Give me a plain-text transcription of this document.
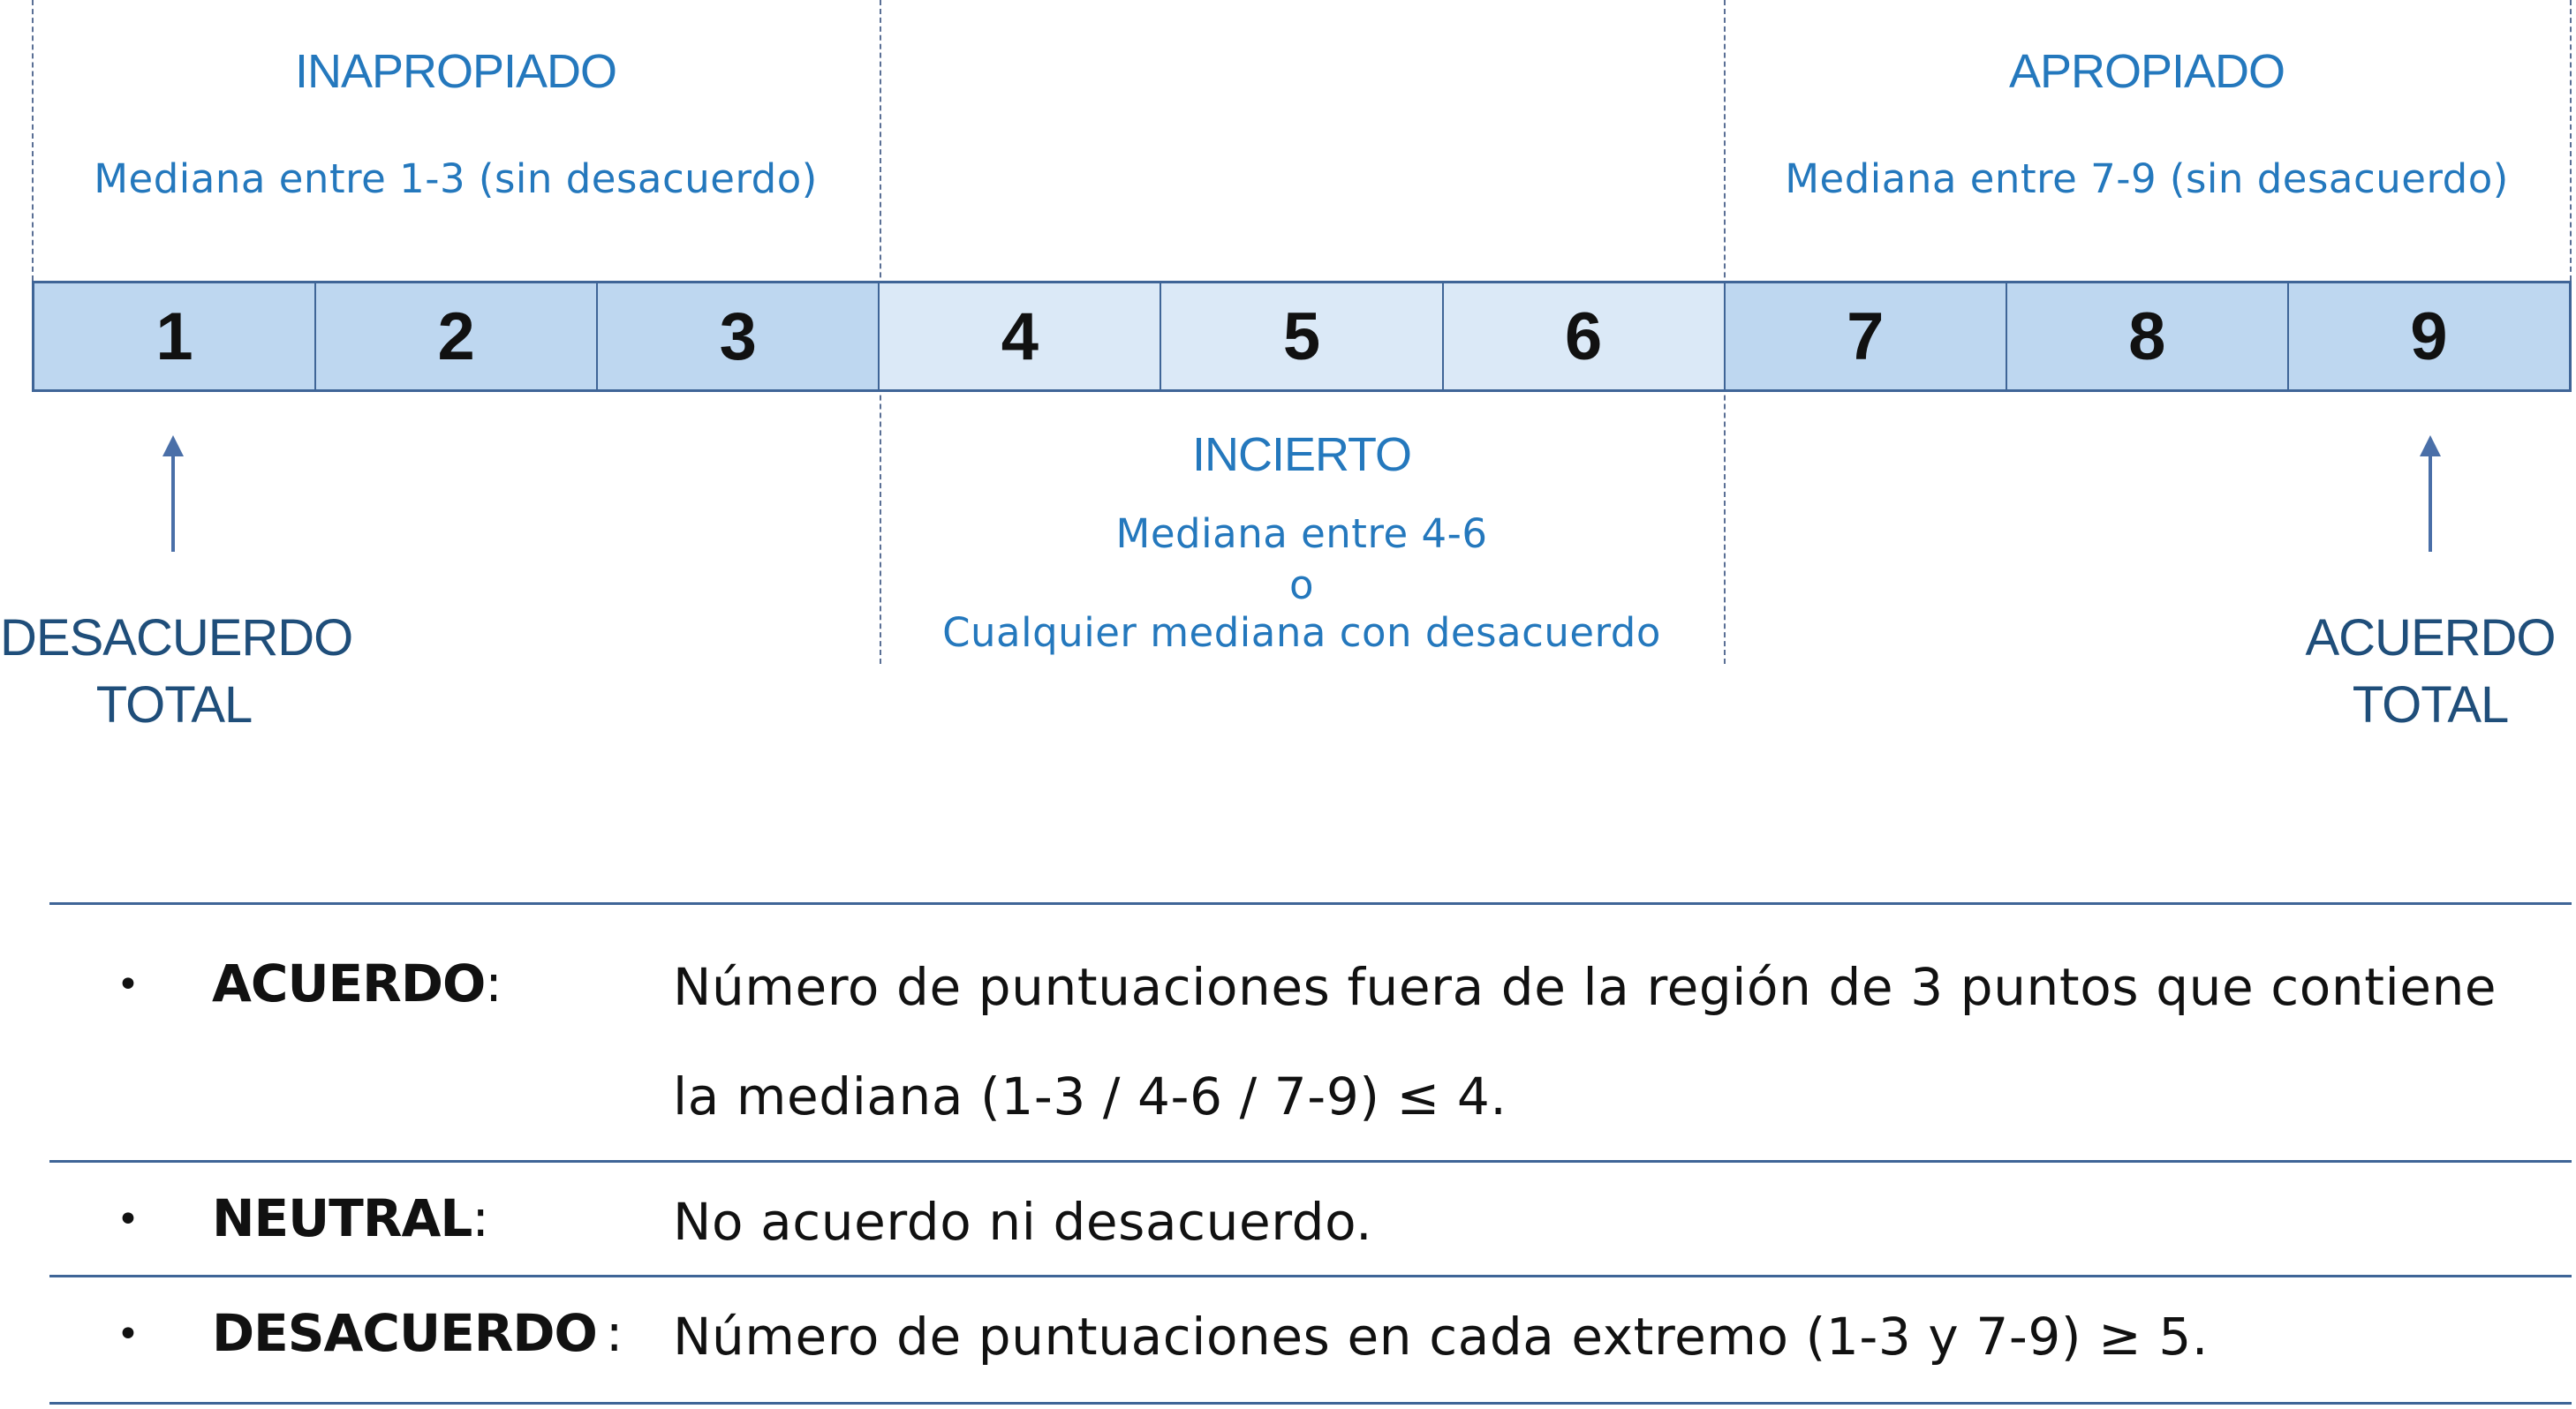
INAPROPIADO
Mediana entre 1-3 (sin desacuerdo)
APROPIADO
Mediana entre 7-9 (sin desacuerdo)
1	2	3	4	5	6	7	8	9
INCIERTO
Mediana entre 4-6
o
Cualquier mediana con desacuerdo
DESACUERDO
TOTAL
ACUERDO
TOTAL
• ACUERDO:	Número de puntuaciones fuera de la región de 3 puntos que contiene
la mediana (1-3 / 4-6 / 7-9) ≤ 4.
• NEUTRAL:	No acuerdo ni desacuerdo.
• DESACUERDO : Número de puntuaciones en cada extremo (1-3 y 7-9) ≥ 5.
